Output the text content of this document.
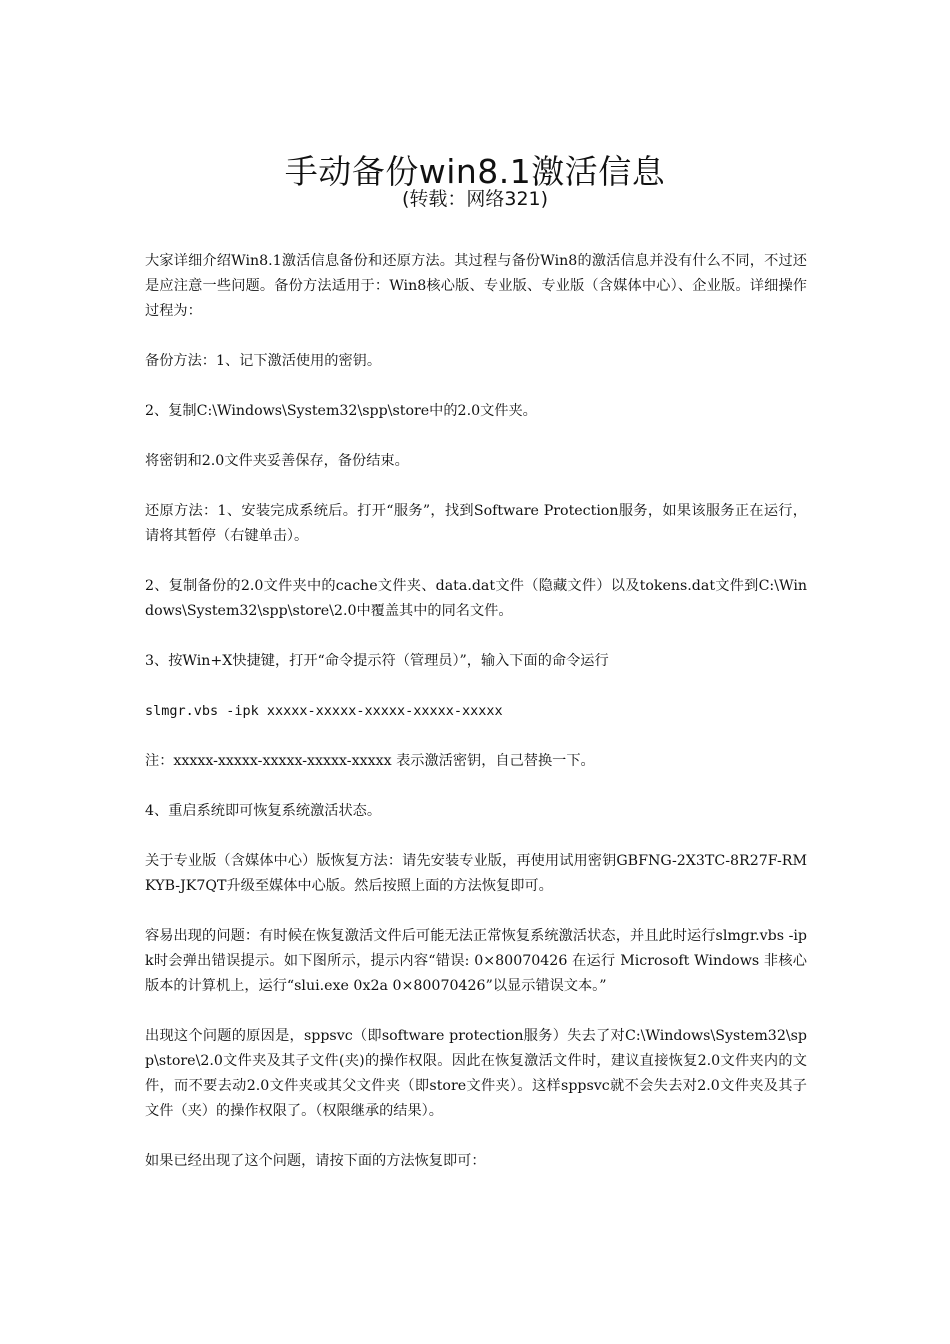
手动备份win8.1激活信息
(转载：网络321)

大家详细介绍Win8.1激活信息备份和还原方法。其过程与备份Win8的激活信息并没有什么不同，不过还是应注意一些问题。备份方法适用于：Win8核心版、专业版、专业版（含媒体中心）、企业版。详细操作过程为：

备份方法：1、记下激活使用的密钥。

2、复制C:\Windows\System32\spp\store中的2.0文件夹。

将密钥和2.0文件夹妥善保存，备份结束。

还原方法：1、安装完成系统后。打开“服务”，找到Software Protection服务，如果该服务正在运行，请将其暂停（右键单击）。

2、复制备份的2.0文件夹中的cache文件夹、data.dat文件（隐藏文件）以及tokens.dat文件到C:\Windows\System32\spp\store\2.0中覆盖其中的同名文件。

3、按Win+X快捷键，打开“命令提示符（管理员）”，输入下面的命令运行

slmgr.vbs -ipk xxxxx-xxxxx-xxxxx-xxxxx-xxxxx

注：xxxxx-xxxxx-xxxxx-xxxxx-xxxxx 表示激活密钥，自己替换一下。

4、重启系统即可恢复系统激活状态。

关于专业版（含媒体中心）版恢复方法：请先安装专业版，再使用试用密钥GBFNG-2X3TC-8R27F-RMKYB-JK7QT升级至媒体中心版。然后按照上面的方法恢复即可。

容易出现的问题：有时候在恢复激活文件后可能无法正常恢复系统激活状态，并且此时运行slmgr.vbs -ipk时会弹出错误提示。如下图所示，提示内容“错误: 0×80070426 在运行 Microsoft Windows 非核心版本的计算机上，运行“slui.exe 0x2a 0×80070426”以显示错误文本。”

出现这个问题的原因是，sppsvc（即software protection服务）失去了对C:\Windows\System32\spp\store\2.0文件夹及其子文件(夹)的操作权限。因此在恢复激活文件时，建议直接恢复2.0文件夹内的文件，而不要去动2.0文件夹或其父文件夹（即store文件夹）。这样sppsvc就不会失去对2.0文件夹及其子文件（夹）的操作权限了。（权限继承的结果）。

如果已经出现了这个问题，请按下面的方法恢复即可：
